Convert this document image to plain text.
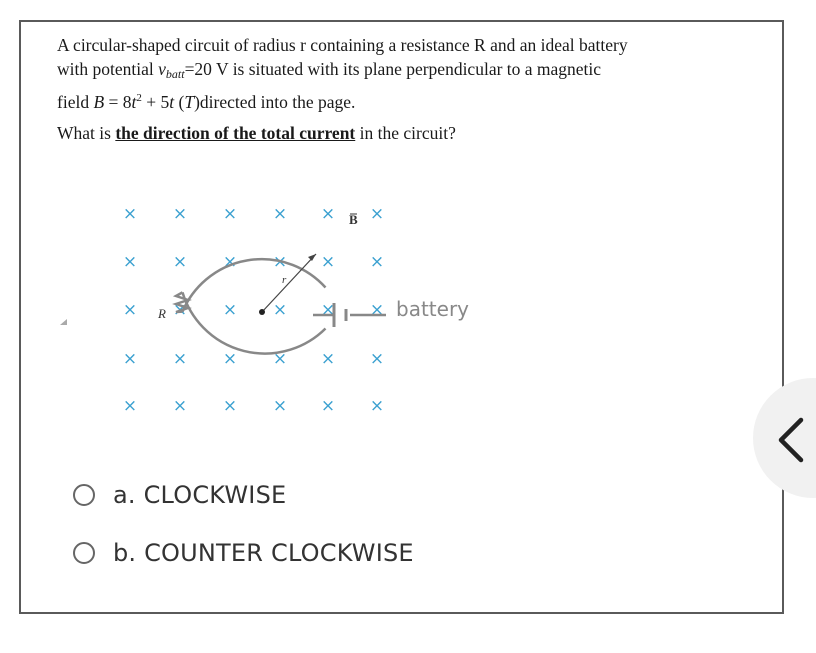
A circular-shaped circuit of radius r containing a resistance R and an ideal battery

with potential $v_{batt}=20$ V is situated with its plane perpendicular to a magnetic

field $B = 8t^2 + 5t$ (T)directed into the page.

What is the direction of the total current in the circuit?
× × × × × ×
× × × × × ×
× × × × × ×
× × × × × ×
× × × × × ×
r
R
B
battery
a. CLOCKWISE
b. COUNTER CLOCKWISE
